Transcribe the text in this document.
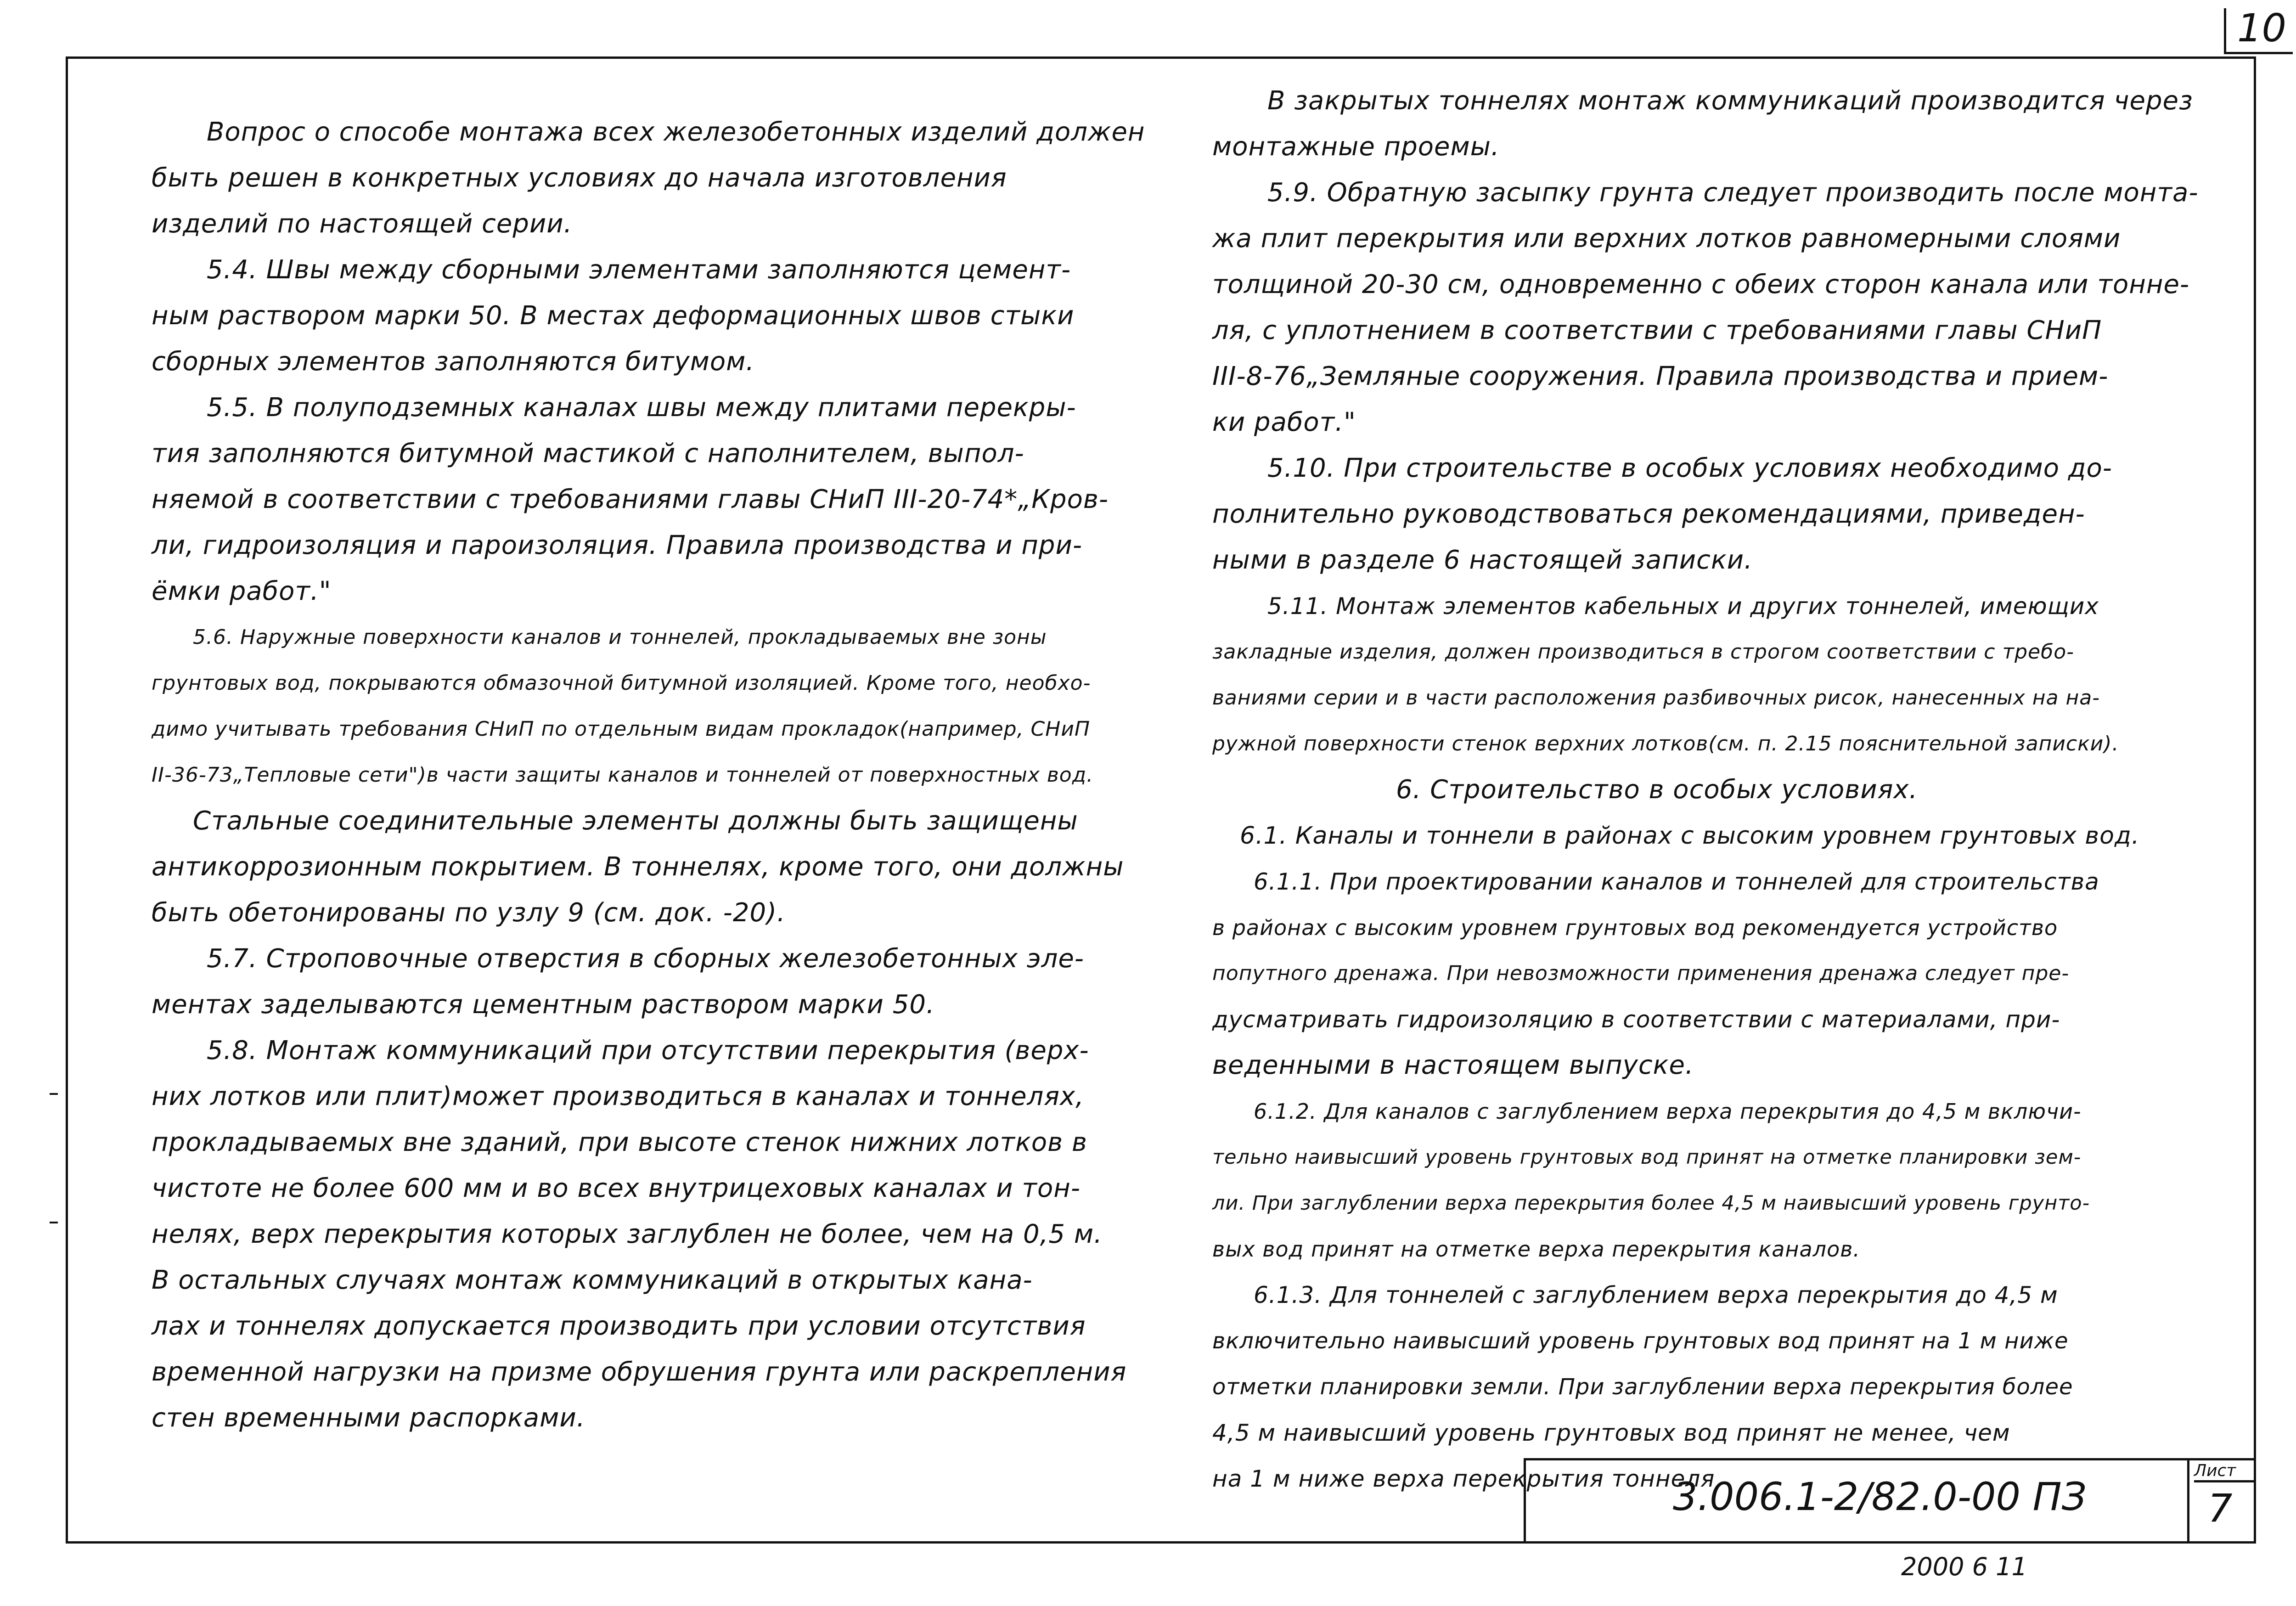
10
Вопрос о способе монтажа всех железобетонных изделий должен
быть решен в конкретных условиях до начала изготовления
изделий по настоящей серии.
5.4. Швы между сборными элементами заполняются цемент-
ным раствором марки 50. В местах деформационных швов стыки
сборных элементов заполняются битумом.
5.5. В полуподземных каналах швы между плитами перекры-
тия заполняются битумной мастикой с наполнителем, выпол-
няемой в соответствии с требованиями главы СНиП III-20-74*„Кров-
ли, гидроизоляция и пароизоляция. Правила производства и при-
ёмки работ."
5.6. Наружные поверхности каналов и тоннелей, прокладываемых вне зоны
грунтовых вод, покрываются обмазочной битумной изоляцией. Кроме того, необхо-
димо учитывать требования СНиП по отдельным видам прокладок(например, СНиП
II-36-73„Тепловые сети")в части защиты каналов и тоннелей от поверхностных вод.
Стальные соединительные элементы должны быть защищены
антикоррозионным покрытием. В тоннелях, кроме того, они должны
быть обетонированы по узлу 9 (см. док. -20).
5.7. Строповочные отверстия в сборных железобетонных эле-
ментах заделываются цементным раствором марки 50.
5.8. Монтаж коммуникаций при отсутствии перекрытия (верх-
них лотков или плит)может производиться в каналах и тоннелях,
прокладываемых вне зданий, при высоте стенок нижних лотков в
чистоте не более 600 мм и во всех внутрицеховых каналах и тон-
нелях, верх перекрытия которых заглублен не более, чем на 0,5 м.
В остальных случаях монтаж коммуникаций в открытых кана-
лах и тоннелях допускается производить при условии отсутствия
временной нагрузки на призме обрушения грунта или раскрепления
стен временными распорками.
В закрытых тоннелях монтаж коммуникаций производится через
монтажные проемы.
5.9. Обратную засыпку грунта следует производить после монта-
жа плит перекрытия или верхних лотков равномерными слоями
толщиной 20-30 см, одновременно с обеих сторон канала или тонне-
ля, с уплотнением в соответствии с требованиями главы СНиП
III-8-76„Земляные сооружения. Правила производства и прием-
ки работ."
5.10. При строительстве в особых условиях необходимо до-
полнительно руководствоваться рекомендациями, приведен-
ными в разделе 6 настоящей записки.
5.11. Монтаж элементов кабельных и других тоннелей, имеющих
закладные изделия, должен производиться в строгом соответствии с требо-
ваниями серии и в части расположения разбивочных рисок, нанесенных на на-
ружной поверхности стенок верхних лотков(см. п. 2.15 пояснительной записки).
6. Строительство в особых условиях.
6.1. Каналы и тоннели в районах с высоким уровнем грунтовых вод.
6.1.1. При проектировании каналов и тоннелей для строительства
в районах с высоким уровнем грунтовых вод рекомендуется устройство
попутного дренажа. При невозможности применения дренажа следует пре-
дусматривать гидроизоляцию в соответствии с материалами, при-
веденными в настоящем выпуске.
6.1.2. Для каналов с заглублением верха перекрытия до 4,5 м включи-
тельно наивысший уровень грунтовых вод принят на отметке планировки зем-
ли. При заглублении верха перекрытия более 4,5 м наивысший уровень грунто-
вых вод принят на отметке верха перекрытия каналов.
6.1.3. Для тоннелей с заглублением верха перекрытия до 4,5 м
включительно наивысший уровень грунтовых вод принят на 1 м ниже
отметки планировки земли. При заглублении верха перекрытия более
4,5 м наивысший уровень грунтовых вод принят не менее, чем
на 1 м ниже верха перекрытия тоннеля
3.006.1-2/82.0-00 ПЗ
Лист
7
2000 6 11
